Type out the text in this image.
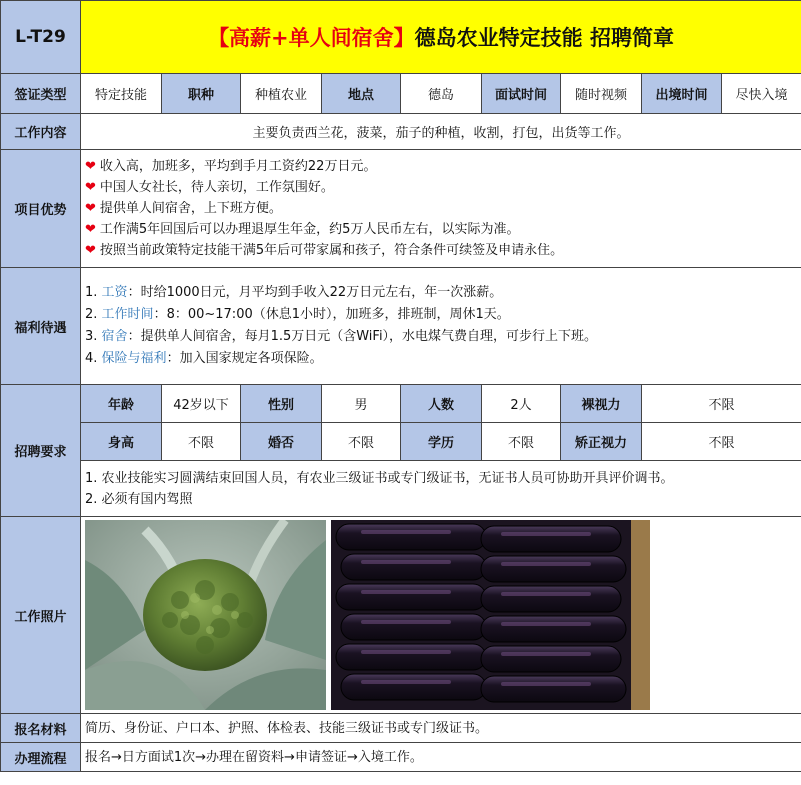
L-T29	【高薪+单人间宿舍】德岛农业特定技能 招聘简章								
签证类型	特定技能	职种	种植农业	地点	德岛	面试时间	随时视频	出境时间	尽快入境
工作内容	主要负责西兰花，菠菜，茄子的种植，收割，打包，出货等工作。								
项目优势	❤ 收入高，加班多，平均到手月工资约22万日元。
❤ 中国人女社长，待人亲切，工作氛围好。
❤ 提供单人间宿舍，上下班方便。
❤ 工作满5年回国后可以办理退厚生年金，约5万人民币左右，以实际为准。
❤ 按照当前政策特定技能干满5年后可带家属和孩子，符合条件可续签及申请永住。								

福利待遇	1. 工资：时给1000日元，月平均到手收入22万日元左右，年一次涨薪。
2. 工作时间：8：00~17:00（休息1小时），加班多，排班制，周休1天。
3. 宿舍：提供单人间宿舍，每月1.5万日元（含WiFi），水电煤气费自理，可步行上下班。
4. 保险与福利：加入国家规定各项保险。								

招聘要求	年龄	42岁以下	性别	男	人数	2人	裸视力	不限	
	身高	不限	婚否	不限	学历	不限	矫正视力	不限	

	1. 农业技能实习圆满结束回国人员，有农业三级证书或专门级证书，无证书人员可协助开具评价调书。
2. 必须有国内驾照								

工作照片	

报名材料	简历、身份证、户口本、护照、体检表、技能三级证书或专门级证书。								
办理流程	报名→日方面试1次→办理在留资料→申请签证→入境工作。								
